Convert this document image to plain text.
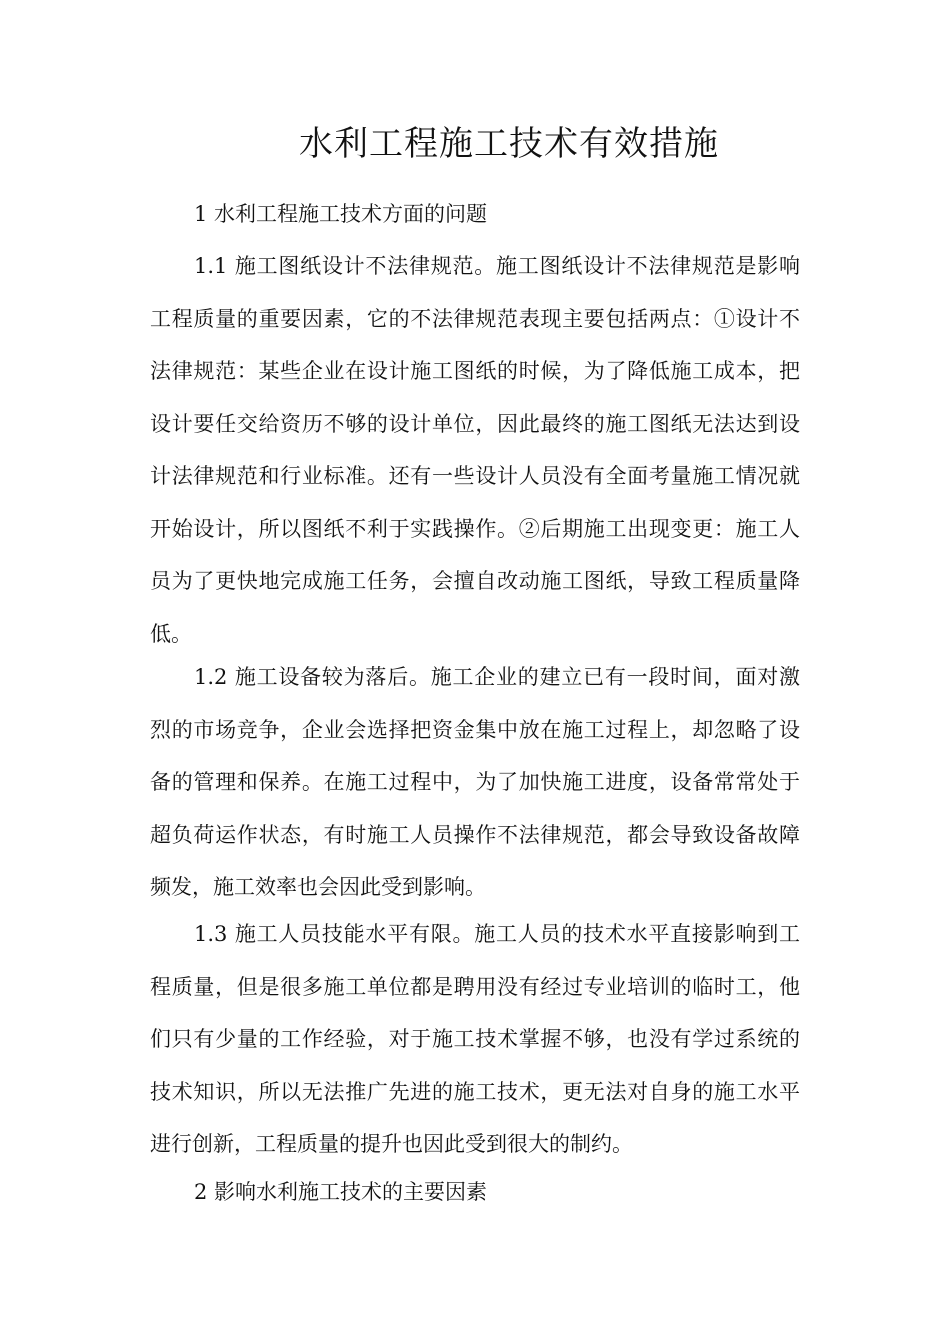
水利工程施工技术有效措施

1 水利工程施工技术方面的问题

1.1 施工图纸设计不法律规范。施工图纸设计不法律规范是影响工程质量的重要因素，它的不法律规范表现主要包括两点：①设计不法律规范：某些企业在设计施工图纸的时候，为了降低施工成本，把设计要任交给资历不够的设计单位，因此最终的施工图纸无法达到设计法律规范和行业标准。还有一些设计人员没有全面考量施工情况就开始设计，所以图纸不利于实践操作。②后期施工出现变更：施工人员为了更快地完成施工任务，会擅自改动施工图纸，导致工程质量降低。

1.2 施工设备较为落后。施工企业的建立已有一段时间，面对激烈的市场竞争，企业会选择把资金集中放在施工过程上，却忽略了设备的管理和保养。在施工过程中，为了加快施工进度，设备常常处于超负荷运作状态，有时施工人员操作不法律规范，都会导致设备故障频发，施工效率也会因此受到影响。

1.3 施工人员技能水平有限。施工人员的技术水平直接影响到工程质量，但是很多施工单位都是聘用没有经过专业培训的临时工，他们只有少量的工作经验，对于施工技术掌握不够，也没有学过系统的技术知识，所以无法推广先进的施工技术，更无法对自身的施工水平进行创新，工程质量的提升也因此受到很大的制约。

2 影响水利施工技术的主要因素
